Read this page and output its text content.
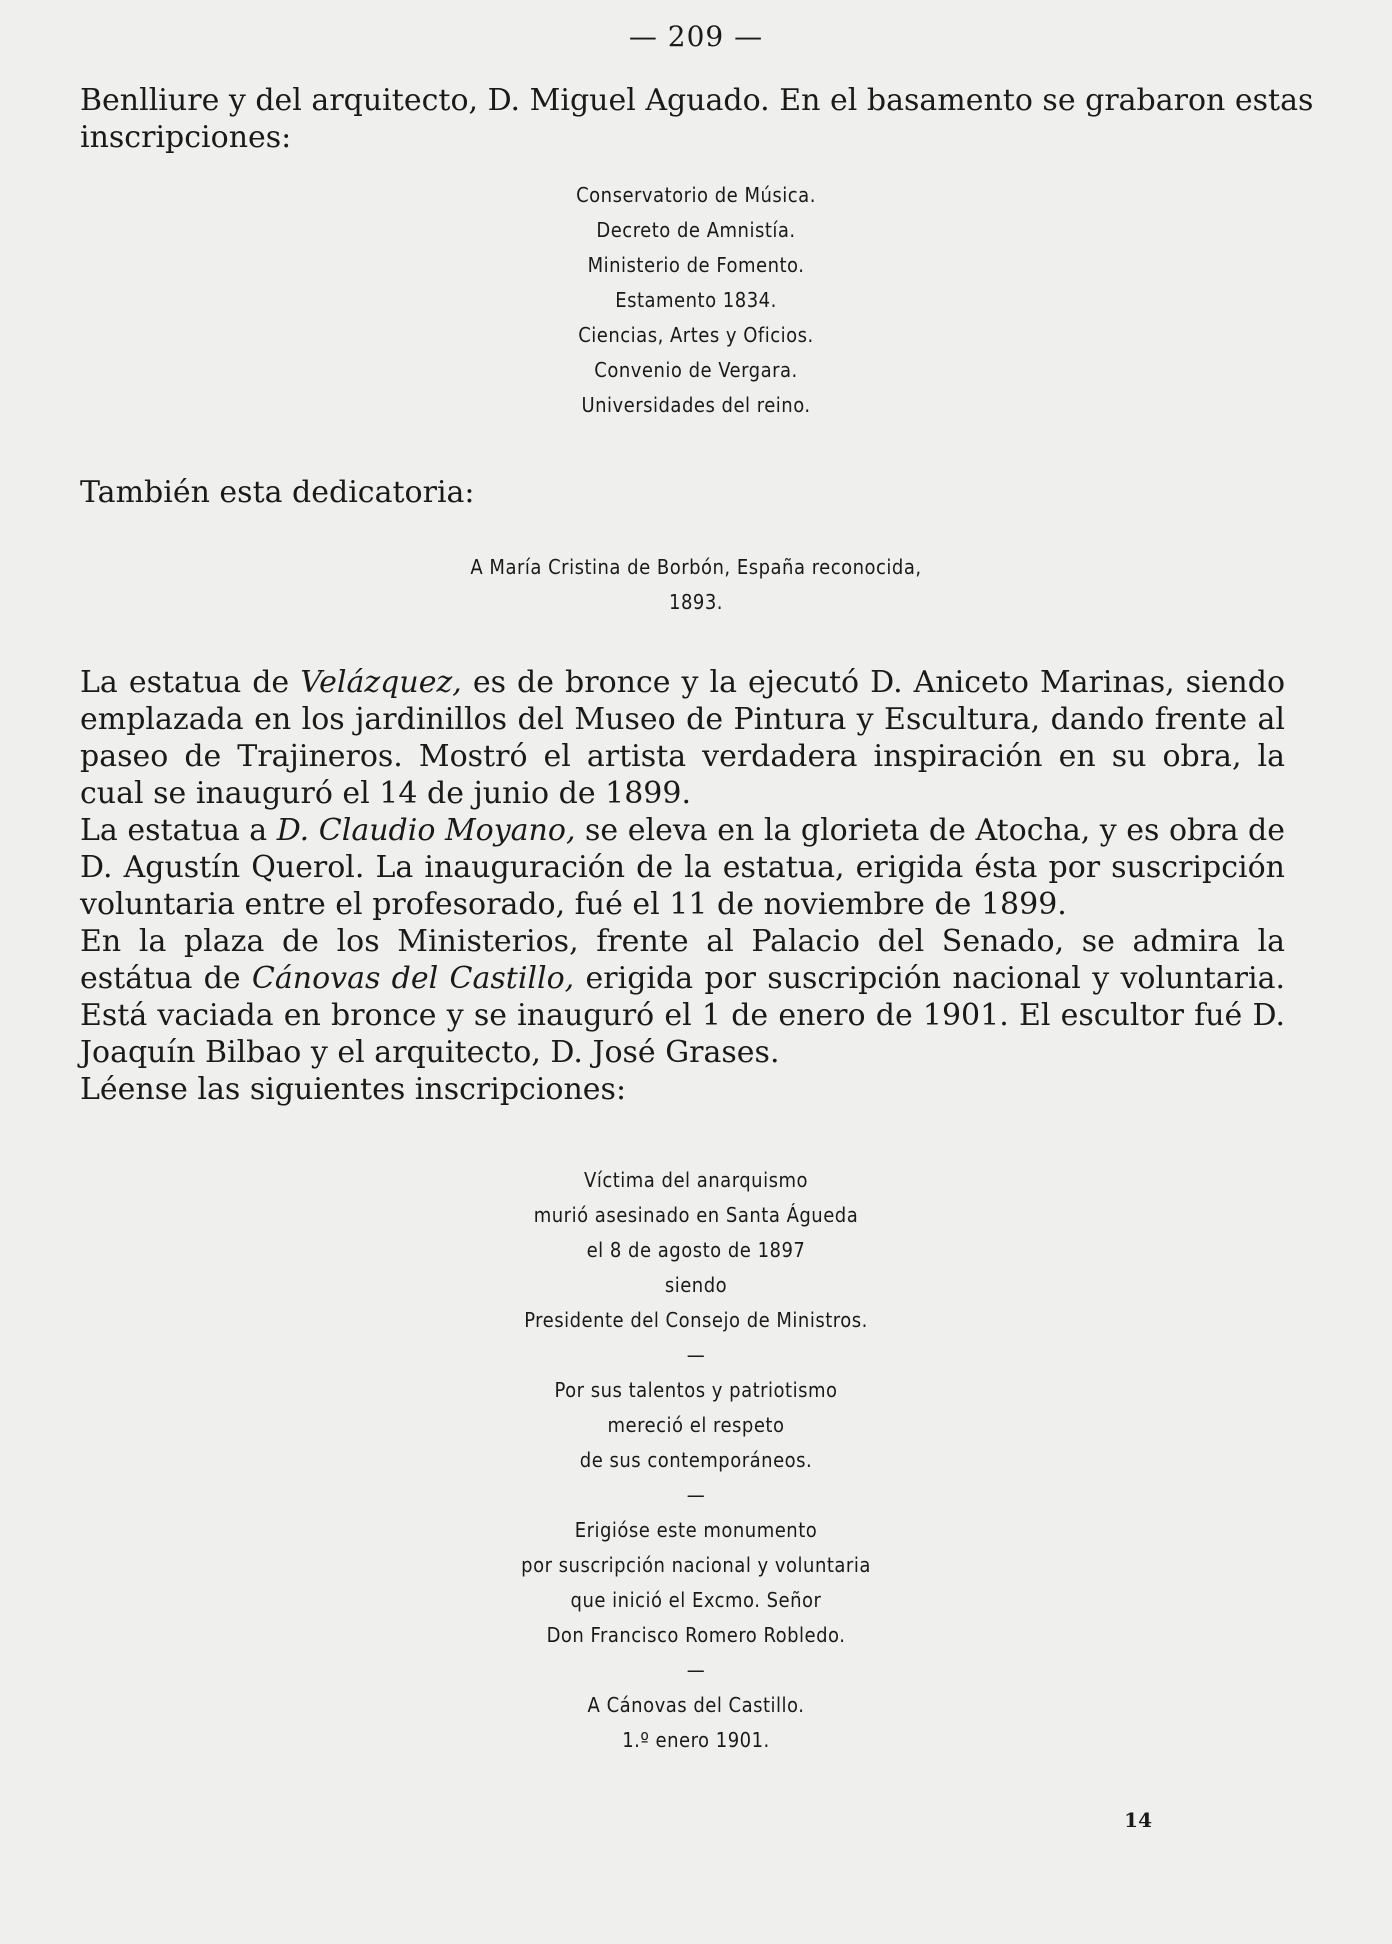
— 209 —

Benlliure y del arquitecto, D. Miguel Aguado. En el basamento se grabaron estas

inscripciones:

Conservatorio de Música.
Decreto de Amnistía.
Ministerio de Fomento.
Estamento 1834.
Ciencias, Artes y Oficios.
Convenio de Vergara.
Universidades del reino.

También esta dedicatoria:

A María Cristina de Borbón, España reconocida,
1893.

La estatua de Velázquez, es de bronce y la ejecutó D. Aniceto Marinas, siendo emplazada en los jardinillos del Museo de Pintura y Escultura, dando frente al paseo de Trajineros. Mostró el artista verdadera inspiración en su obra, la cual se inauguró el 14 de junio de 1899.

La estatua a D. Claudio Moyano, se eleva en la glorieta de Atocha, y es obra de D. Agustín Querol. La inauguración de la estatua, erigida ésta por suscripción voluntaria entre el profesorado, fué el 11 de noviembre de 1899.

En la plaza de los Ministerios, frente al Palacio del Senado, se admira la estátua de Cánovas del Castillo, erigida por suscripción nacional y voluntaria. Está vaciada en bronce y se inauguró el 1 de enero de 1901. El escultor fué D. Joaquín Bilbao y el arquitecto, D. José Grases.

Léense las siguientes inscripciones:

Víctima del anarquismo
murió asesinado en Santa Águeda
el 8 de agosto de 1897
siendo
Presidente del Consejo de Ministros.
—
Por sus talentos y patriotismo
mereció el respeto
de sus contemporáneos.
—
Erigióse este monumento
por suscripción nacional y voluntaria
que inició el Excmo. Señor
Don Francisco Romero Robledo.
—
A Cánovas del Castillo.
1.º enero 1901.
14
